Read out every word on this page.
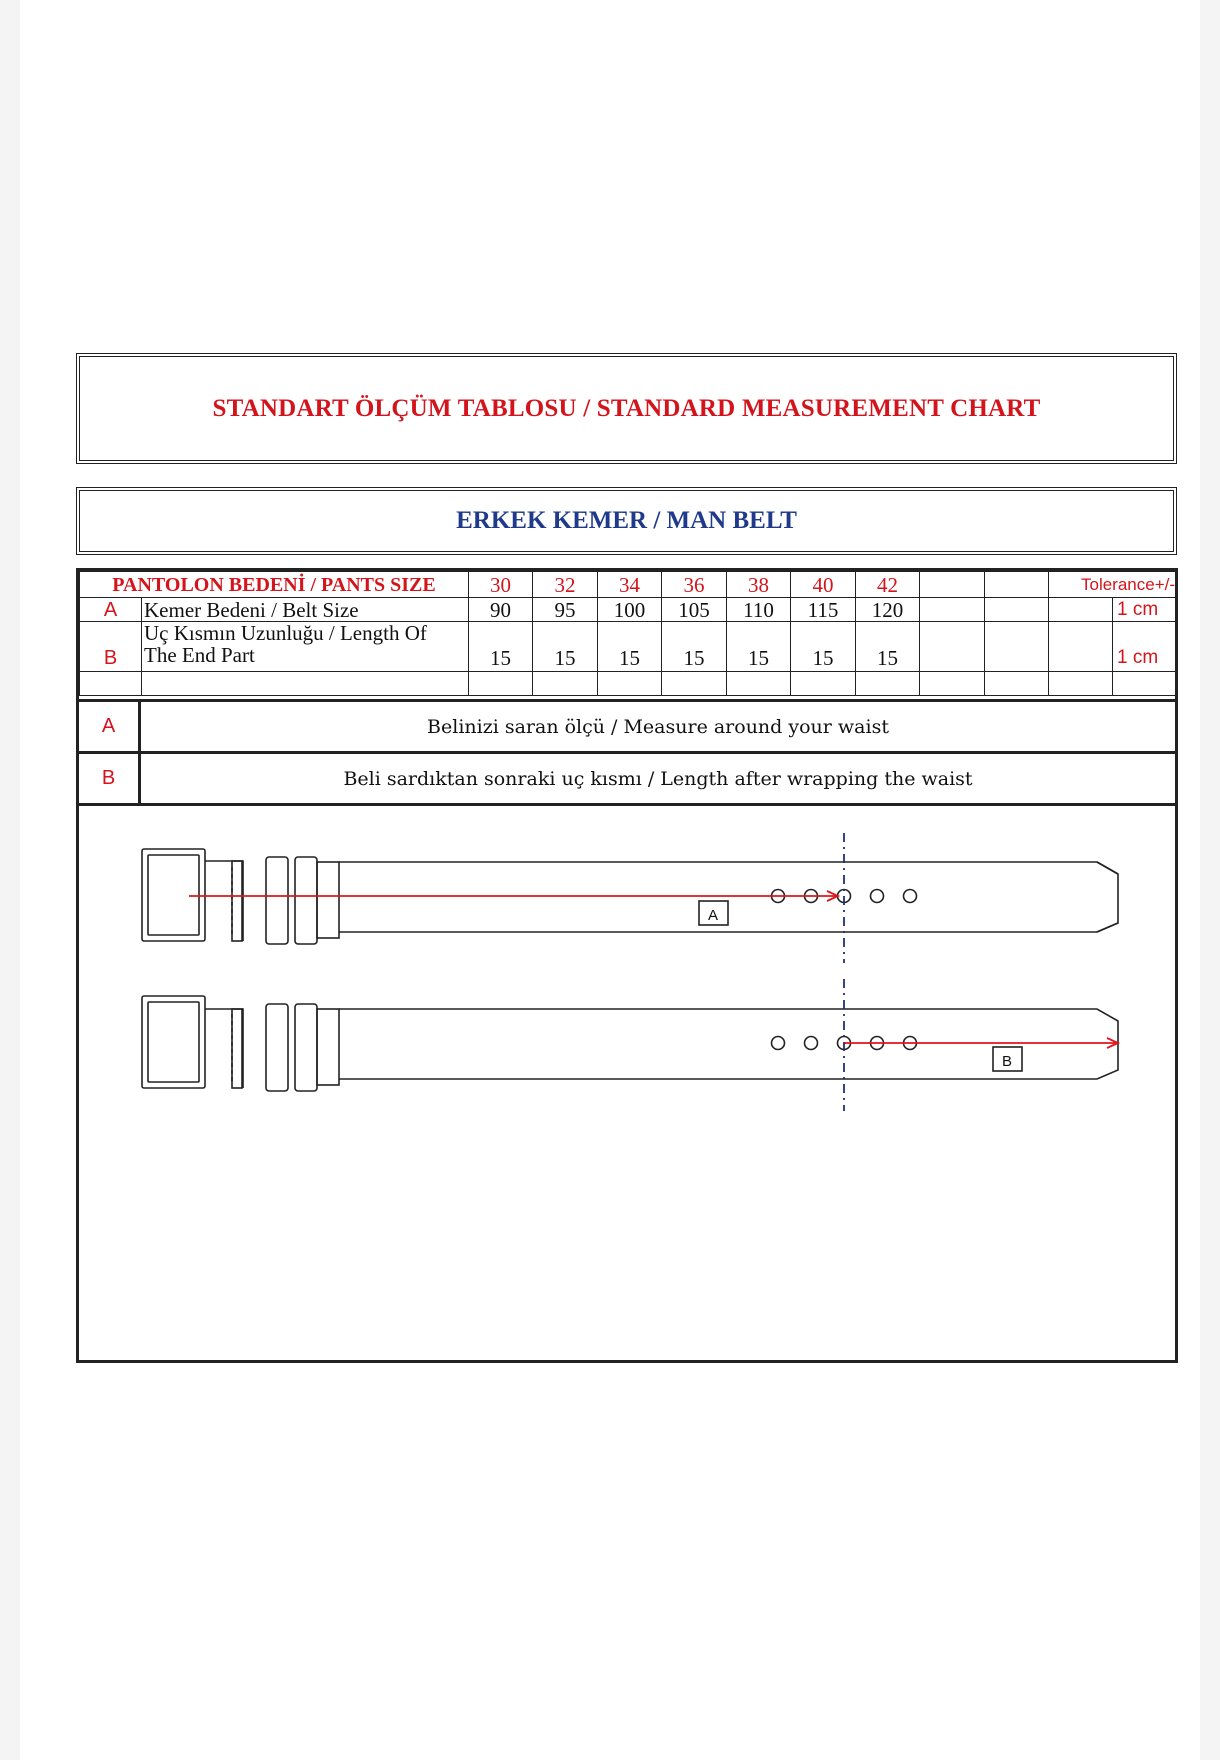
STANDART ÖLÇÜM TABLOSU / STANDARD MEASUREMENT CHART
ERKEK KEMER / MAN BELT
PANTOLON BEDENİ / PANTS SIZE		30	32	34	36	38	40	42			Tolerance+/-	
A	Kemer Bedeni / Belt Size	90	95	100	105	110	115	120				1 cm
B	Uç Kısmın Uzunluğu / Length Of
The End Part	15	15	15	15	15	15	15				1 cm

A	Belinizi saran ölçü / Measure around your waist
B	Beli sardıktan sonraki uç kısmı / Length after wrapping the waist
A
B
